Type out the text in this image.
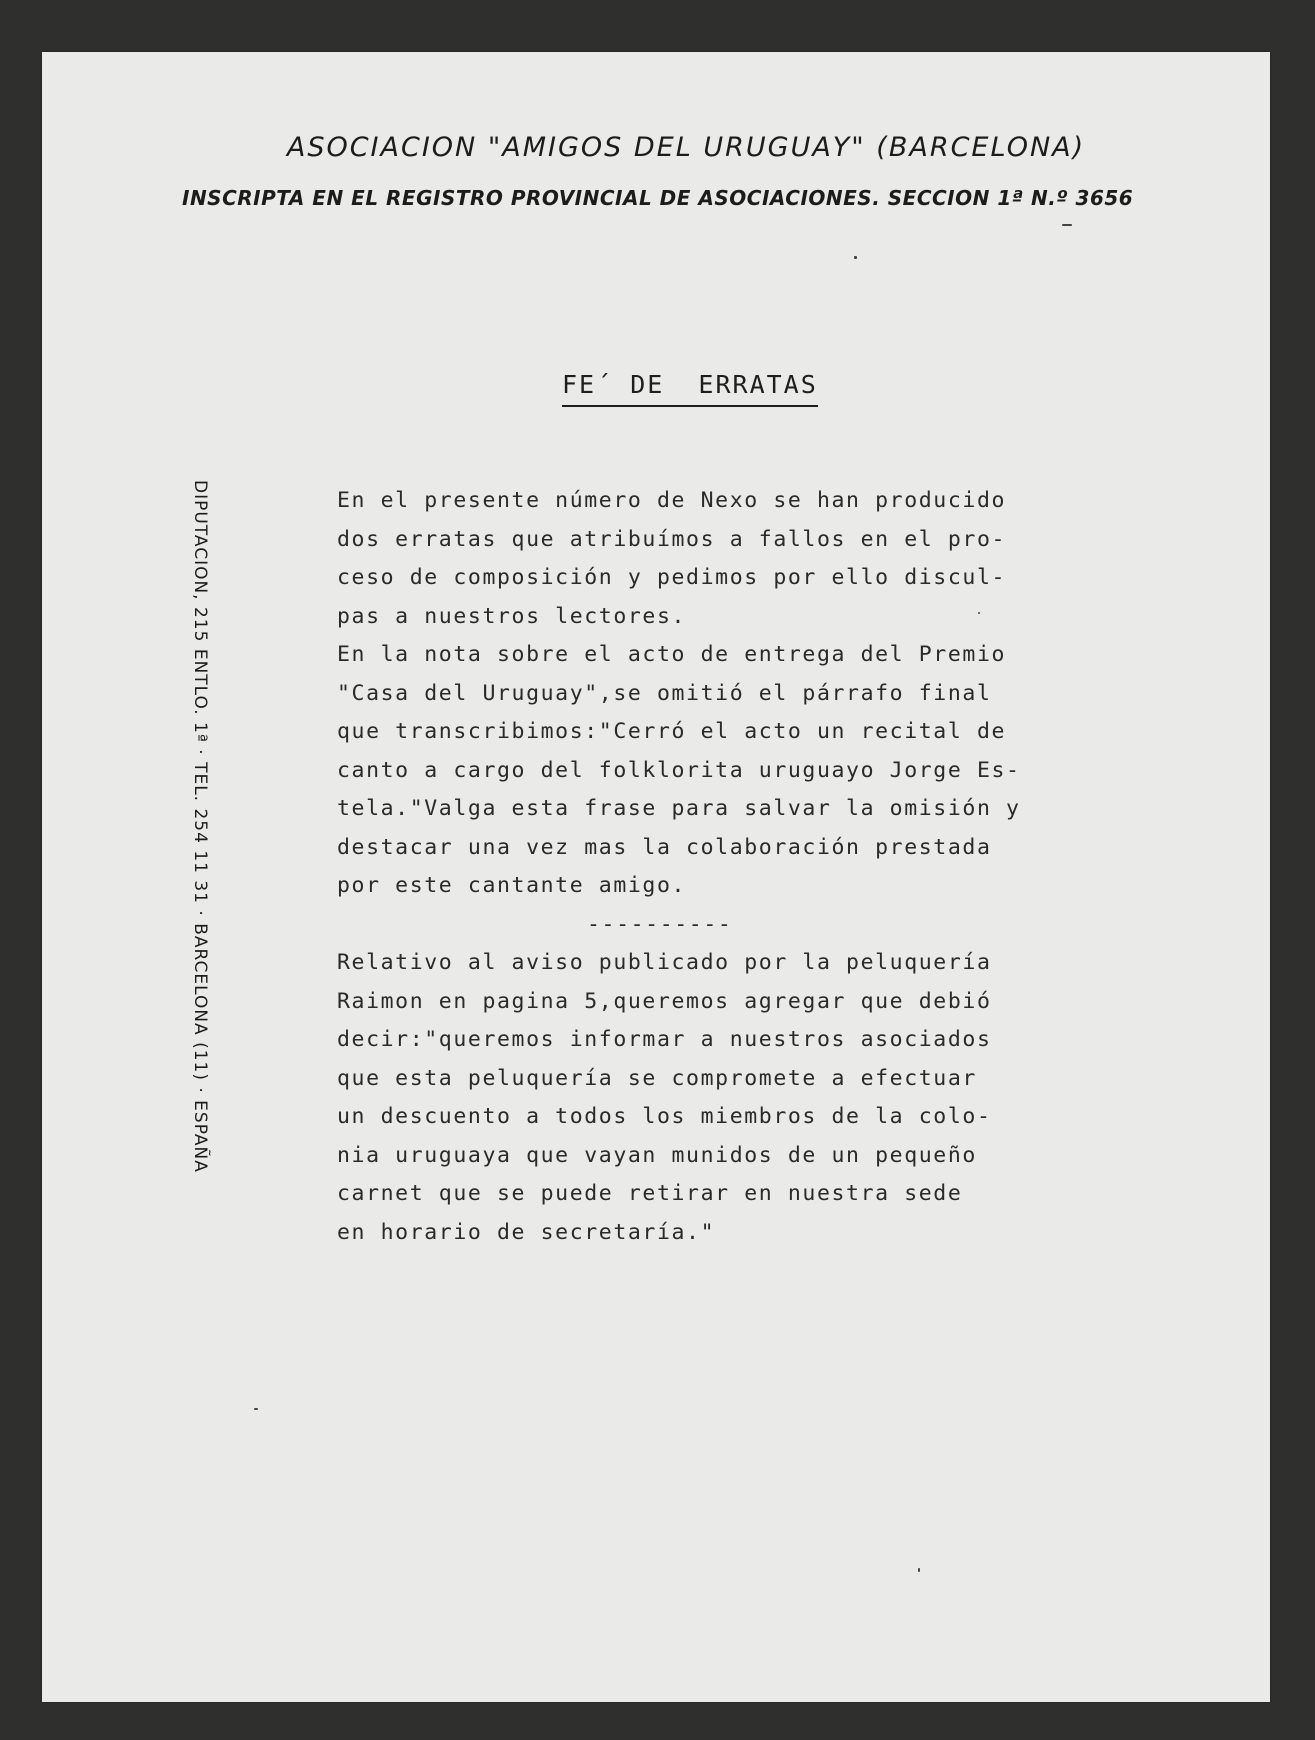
ASOCIACION "AMIGOS DEL URUGUAY" (BARCELONA)
INSCRIPTA EN EL REGISTRO PROVINCIAL DE ASOCIACIONES. SECCION 1ª N.º 3656
DIPUTACION, 215 ENTLO. 1ª · TEL. 254 11 31 · BARCELONA (11) · ESPAÑA
FE´ DE  ERRATAS
En el presente número de Nexo se han producido
dos erratas que atribuímos a fallos en el pro-
ceso de composición y pedimos por ello discul-
pas a nuestros lectores.
En la nota sobre el acto de entrega del Premio
"Casa del Uruguay",se omitió el párrafo final
que transcribimos:"Cerró el acto un recital de
canto a cargo del folklorita uruguayo Jorge Es-
tela."Valga esta frase para salvar la omisión y
destacar una vez mas la colaboración prestada
por este cantante amigo.
----------
Relativo al aviso publicado por la peluquería
Raimon en pagina 5,queremos agregar que debió
decir:"queremos informar a nuestros asociados
que esta peluquería se compromete a efectuar
un descuento a todos los miembros de la colo-
nia uruguaya que vayan munidos de un pequeño
carnet que se puede retirar en nuestra sede
en horario de secretaría."
